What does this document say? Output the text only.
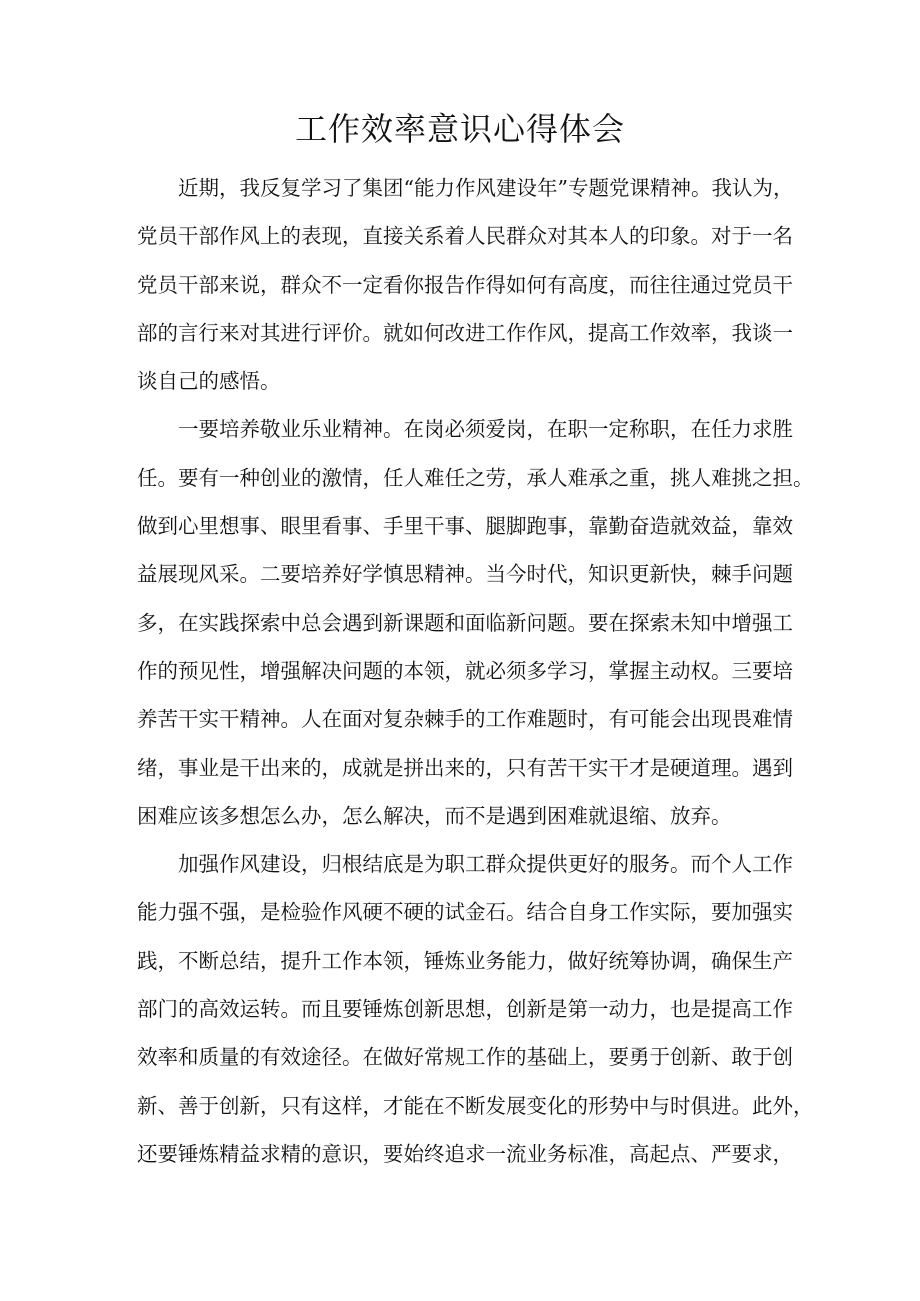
工作效率意识心得体会
近期，我反复学习了集团“能力作风建设年”专题党课精神。我认为，
党员干部作风上的表现，直接关系着人民群众对其本人的印象。对于一名
党员干部来说，群众不一定看你报告作得如何有高度，而往往通过党员干
部的言行来对其进行评价。就如何改进工作作风，提高工作效率，我谈一
谈自己的感悟。
一要培养敬业乐业精神。在岗必须爱岗，在职一定称职，在任力求胜
任。要有一种创业的激情，任人难任之劳，承人难承之重，挑人难挑之担。
做到心里想事、眼里看事、手里干事、腿脚跑事，靠勤奋造就效益，靠效
益展现风采。二要培养好学慎思精神。当今时代，知识更新快，棘手问题
多，在实践探索中总会遇到新课题和面临新问题。要在探索未知中增强工
作的预见性，增强解决问题的本领，就必须多学习，掌握主动权。三要培
养苦干实干精神。人在面对复杂棘手的工作难题时，有可能会出现畏难情
绪，事业是干出来的，成就是拼出来的，只有苦干实干才是硬道理。遇到
困难应该多想怎么办，怎么解决，而不是遇到困难就退缩、放弃。
加强作风建设，归根结底是为职工群众提供更好的服务。而个人工作
能力强不强，是检验作风硬不硬的试金石。结合自身工作实际，要加强实
践，不断总结，提升工作本领，锤炼业务能力，做好统筹协调，确保生产
部门的高效运转。而且要锤炼创新思想，创新是第一动力，也是提高工作
效率和质量的有效途径。在做好常规工作的基础上，要勇于创新、敢于创
新、善于创新，只有这样，才能在不断发展变化的形势中与时俱进。此外，
还要锤炼精益求精的意识，要始终追求一流业务标准，高起点、严要求，
